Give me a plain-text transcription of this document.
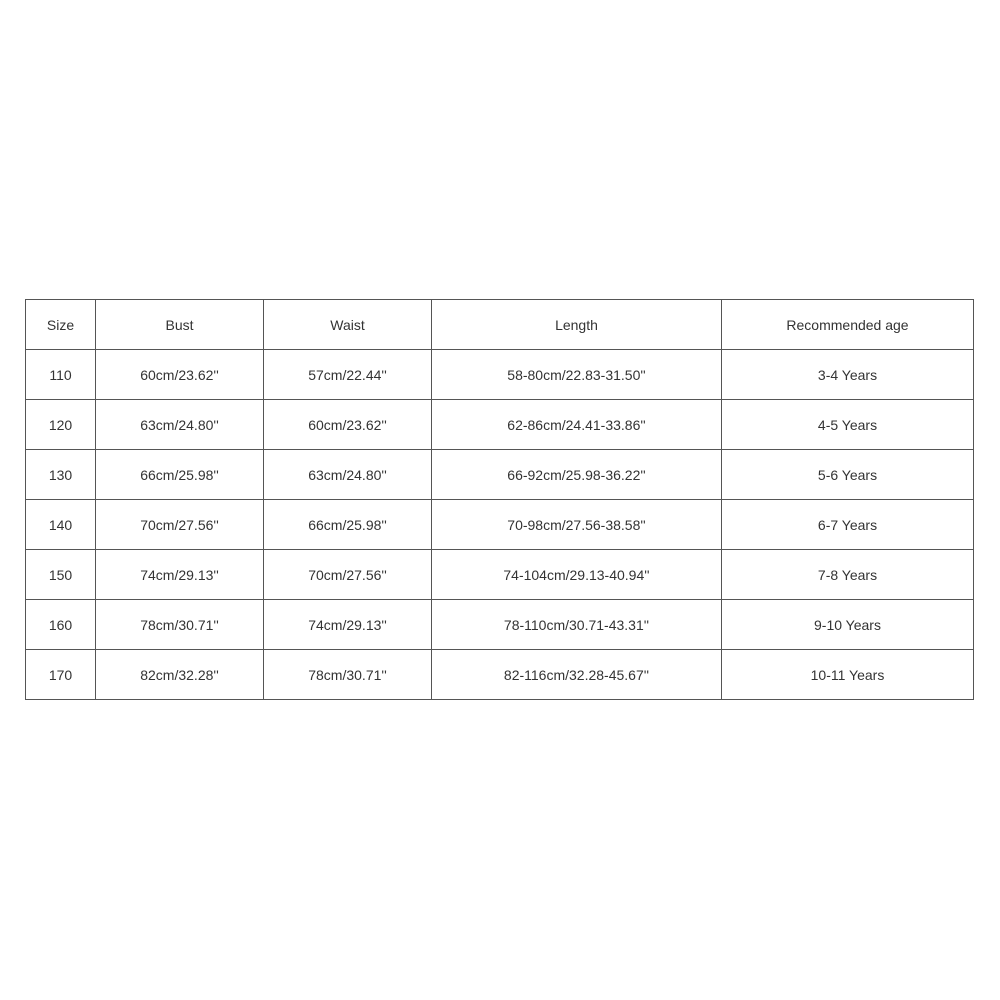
Size	Bust	Waist	Length	Recommended age
110	60cm/23.62''	57cm/22.44''	58-80cm/22.83-31.50''	3-4 Years
120	63cm/24.80''	60cm/23.62''	62-86cm/24.41-33.86''	4-5 Years
130	66cm/25.98''	63cm/24.80''	66-92cm/25.98-36.22''	5-6 Years
140	70cm/27.56''	66cm/25.98''	70-98cm/27.56-38.58''	6-7 Years
150	74cm/29.13''	70cm/27.56''	74-104cm/29.13-40.94''	7-8 Years
160	78cm/30.71''	74cm/29.13''	78-110cm/30.71-43.31''	9-10 Years
170	82cm/32.28''	78cm/30.71''	82-116cm/32.28-45.67''	10-11 Years
